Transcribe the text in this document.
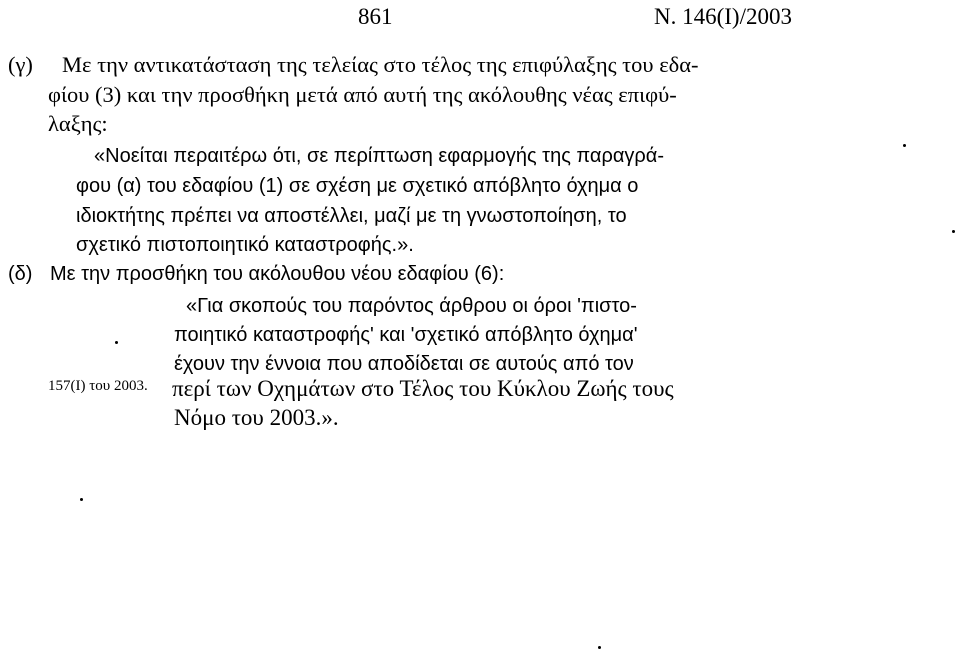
861	Ν. 146(Ι)/2003
(γ) Με την αντικατάσταση της τελείας στο τέλος της επιφύλαξης του εδα-
φίου (3) και την προσθήκη μετά από αυτή της ακόλουθης νέας επιφύ-
λαξης:
«Νοείται περαιτέρω ότι, σε περίπτωση εφαρμογής της παραγρά-
φου (α) του εδαφίου (1) σε σχέση με σχετικό απόβλητο όχημα ο
ιδιοκτήτης πρέπει να αποστέλλει, μαζί με τη γνωστοποίηση, το
σχετικό πιστοποιητικό καταστροφής.».
(δ) Με την προσθήκη του ακόλουθου νέου εδαφίου (6):
«Για σκοπούς του παρόντος άρθρου οι όροι 'πιστο-
ποιητικό καταστροφής' και 'σχετικό απόβλητο όχημα'
έχουν την έννοια που αποδίδεται σε αυτούς από τον
περί των Οχημάτων στο Τέλος του Κύκλου Ζωής τους
Νόμο του 2003.».
157(I) του 2003.
